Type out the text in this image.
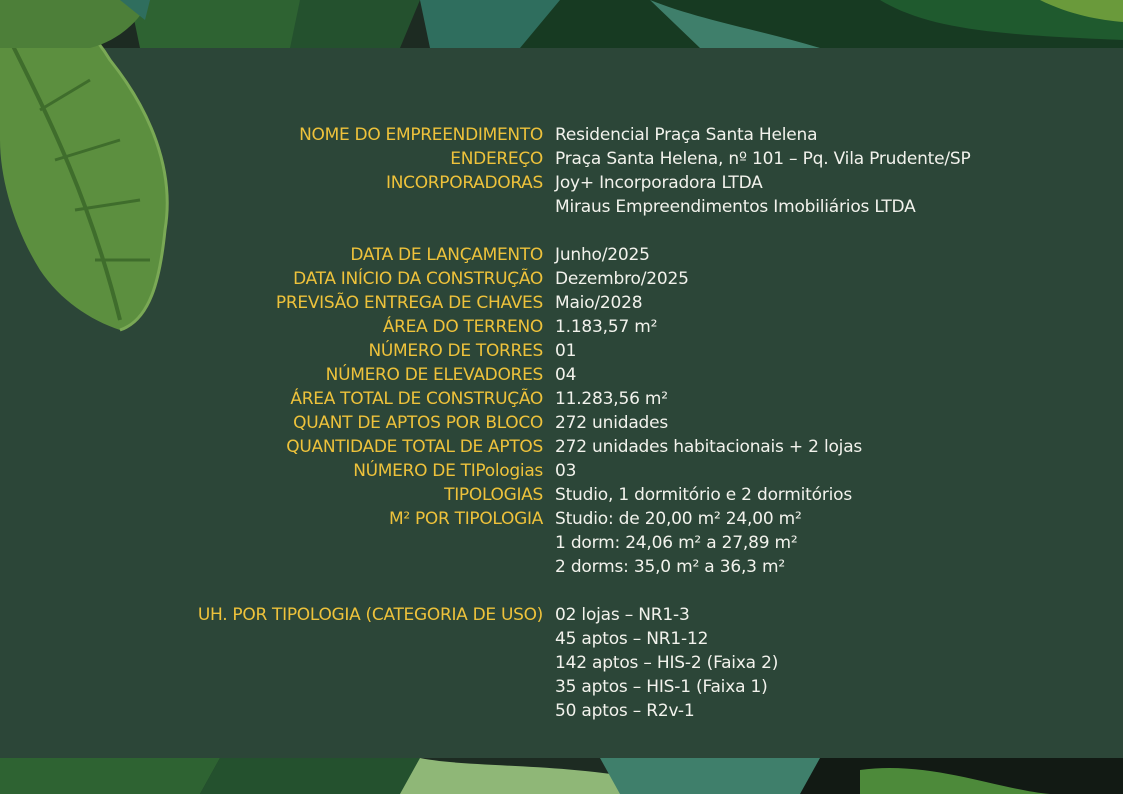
NOME DO EMPREENDIMENTO Residencial Praça Santa Helena
ENDEREÇO Praça Santa Helena, nº 101 – Pq. Vila Prudente/SP
INCORPORADORAS Joy+ Incorporadora LTDA
Miraus Empreendimentos Imobiliários LTDA
DATA DE LANÇAMENTO Junho/2025
DATA INÍCIO DA CONSTRUÇÃO Dezembro/2025
PREVISÃO ENTREGA DE CHAVES Maio/2028
ÁREA DO TERRENO 1.183,57 m²
NÚMERO DE TORRES 01
NÚMERO DE ELEVADORES 04
ÁREA TOTAL DE CONSTRUÇÃO 11.283,56 m²
QUANT DE APTOS POR BLOCO 272 unidades
QUANTIDADE TOTAL DE APTOS 272 unidades habitacionais + 2 lojas
NÚMERO DE TIPologias 03
TIPOLOGIAS Studio, 1 dormitório e 2 dormitórios
M² POR TIPOLOGIA Studio: de 20,00 m² 24,00 m²
1 dorm: 24,06 m² a 27,89 m²
2 dorms: 35,0 m² a 36,3 m²
UH. POR TIPOLOGIA (CATEGORIA DE USO) 02 lojas – NR1-3
45 aptos – NR1-12
142 aptos – HIS-2 (Faixa 2)
35 aptos – HIS-1 (Faixa 1)
50 aptos – R2v-1
